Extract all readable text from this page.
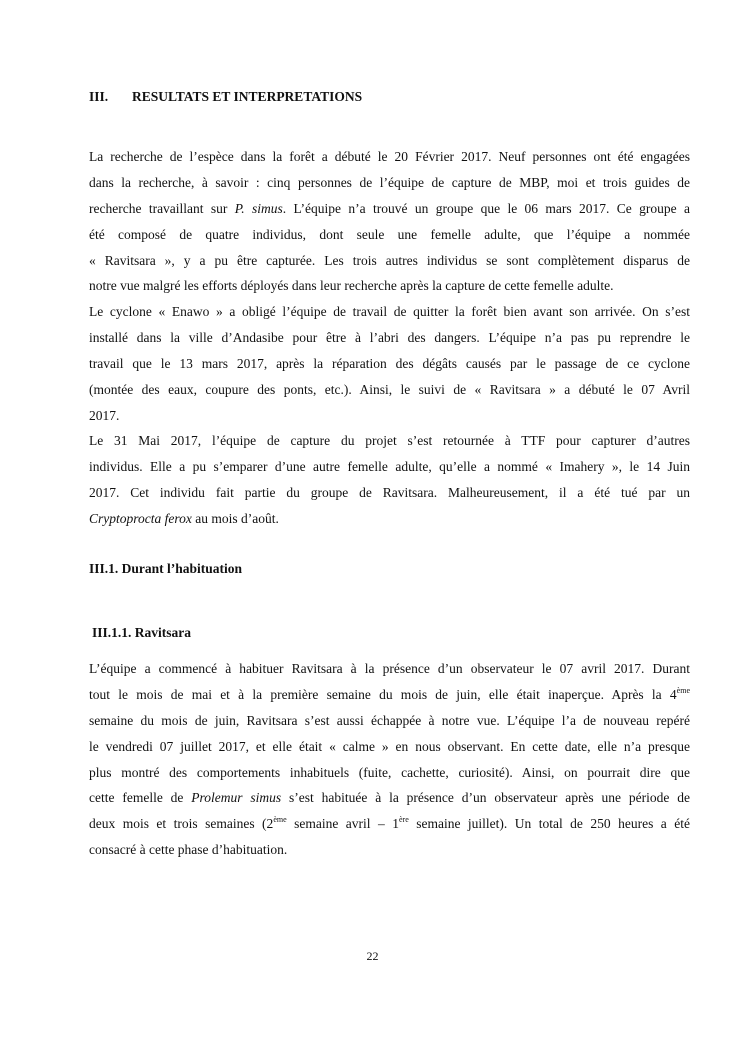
III. RESULTATS ET INTERPRETATIONS

La recherche de l’espèce dans la forêt a débuté le 20 Février 2017. Neuf personnes ont été engagées
dans la recherche, à savoir : cinq personnes de l’équipe de capture de MBP, moi et trois guides de
recherche travaillant sur P. simus. L’équipe n’a trouvé un groupe que le 06 mars 2017. Ce groupe a
été composé de quatre individus, dont seule une femelle adulte, que l’équipe a nommée
« Ravitsara », y a pu être capturée. Les trois autres individus se sont complètement disparus de
notre vue malgré les efforts déployés dans leur recherche après la capture de cette femelle adulte.

Le cyclone « Enawo » a obligé l’équipe de travail de quitter la forêt bien avant son arrivée. On s’est
installé dans la ville d’Andasibe pour être à l’abri des dangers. L’équipe n’a pas pu reprendre le
travail que le 13 mars 2017, après la réparation des dégâts causés par le passage de ce cyclone
(montée des eaux, coupure des ponts, etc.). Ainsi, le suivi de « Ravitsara » a débuté le 07 Avril
2017.

Le 31 Mai 2017, l’équipe de capture du projet s’est retournée à TTF pour capturer d’autres
individus. Elle a pu s’emparer d’une autre femelle adulte, qu’elle a nommé « Imahery », le 14 Juin
2017. Cet individu fait partie du groupe de Ravitsara. Malheureusement, il a été tué par un
Cryptoprocta ferox au mois d’août.

III.1. Durant l’habituation
III.1.1. Ravitsara

L’équipe a commencé à habituer Ravitsara à la présence d’un observateur le 07 avril 2017. Durant
tout le mois de mai et à la première semaine du mois de juin, elle était inaperçue. Après la 4ème
semaine du mois de juin, Ravitsara s’est aussi échappée à notre vue. L’équipe l’a de nouveau repéré
le vendredi 07 juillet 2017, et elle était « calme » en nous observant. En cette date, elle n’a presque
plus montré des comportements inhabituels (fuite, cachette, curiosité). Ainsi, on pourrait dire que
cette femelle de Prolemur simus s’est habituée à la présence d’un observateur après une période de
deux mois et trois semaines (2ème semaine avril – 1ère semaine juillet). Un total de 250 heures a été
consacré à cette phase d’habituation.

22
